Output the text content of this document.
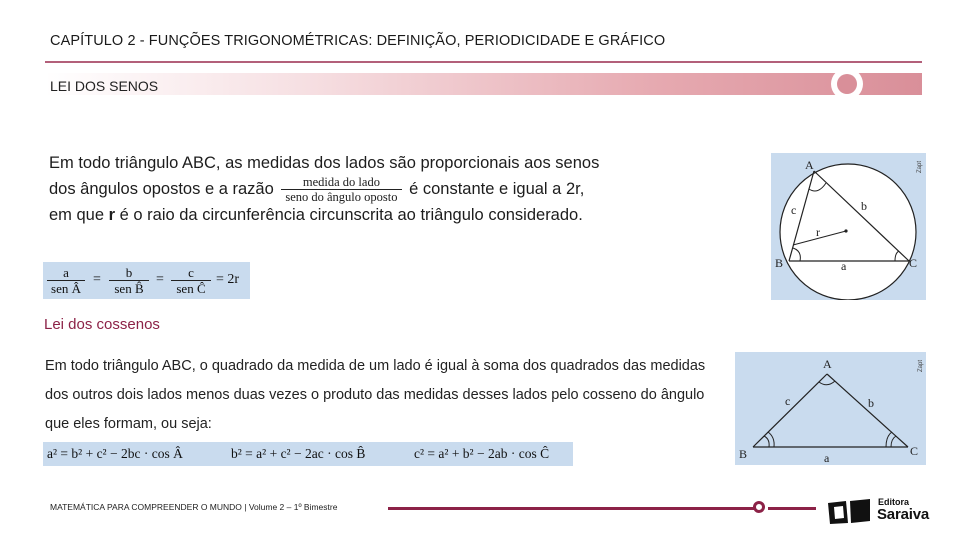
CAPÍTULO 2 - FUNÇÕES TRIGONOMÉTRICAS: DEFINIÇÃO, PERIODICIDADE E GRÁFICO
LEI DOS SENOS
Em todo triângulo ABC, as medidas dos lados são proporcionais aos senos dos ângulos opostos e a razão $\frac{\text{medida do lado}}{\text{seno do ângulo oposto}}$ é constante e igual a 2r, em que r é o raio da circunferência circunscrita ao triângulo considerado.
a
sen Â
=	b
sen B̂
=	c
sen Ĉ
= 2r
A
B	C
a
b
c
r
Zapt
Lei dos cossenos
Em todo triângulo ABC, o quadrado da medida de um lado é igual à soma dos quadrados das medidas dos outros dois lados menos duas vezes o produto das medidas desses lados pelo cosseno do ângulo que eles formam, ou seja:
a² = b² + c² − 2bc · cos Â	b² = a² + c² − 2ac · cos B̂	c² = a² + b² − 2ab · cos Ĉ
A
B	C
a
b
c
Zapt
MATEMÁTICA PARA COMPREENDER O MUNDO | Volume 2 – 1º Bimestre	Editora
Saraiva
